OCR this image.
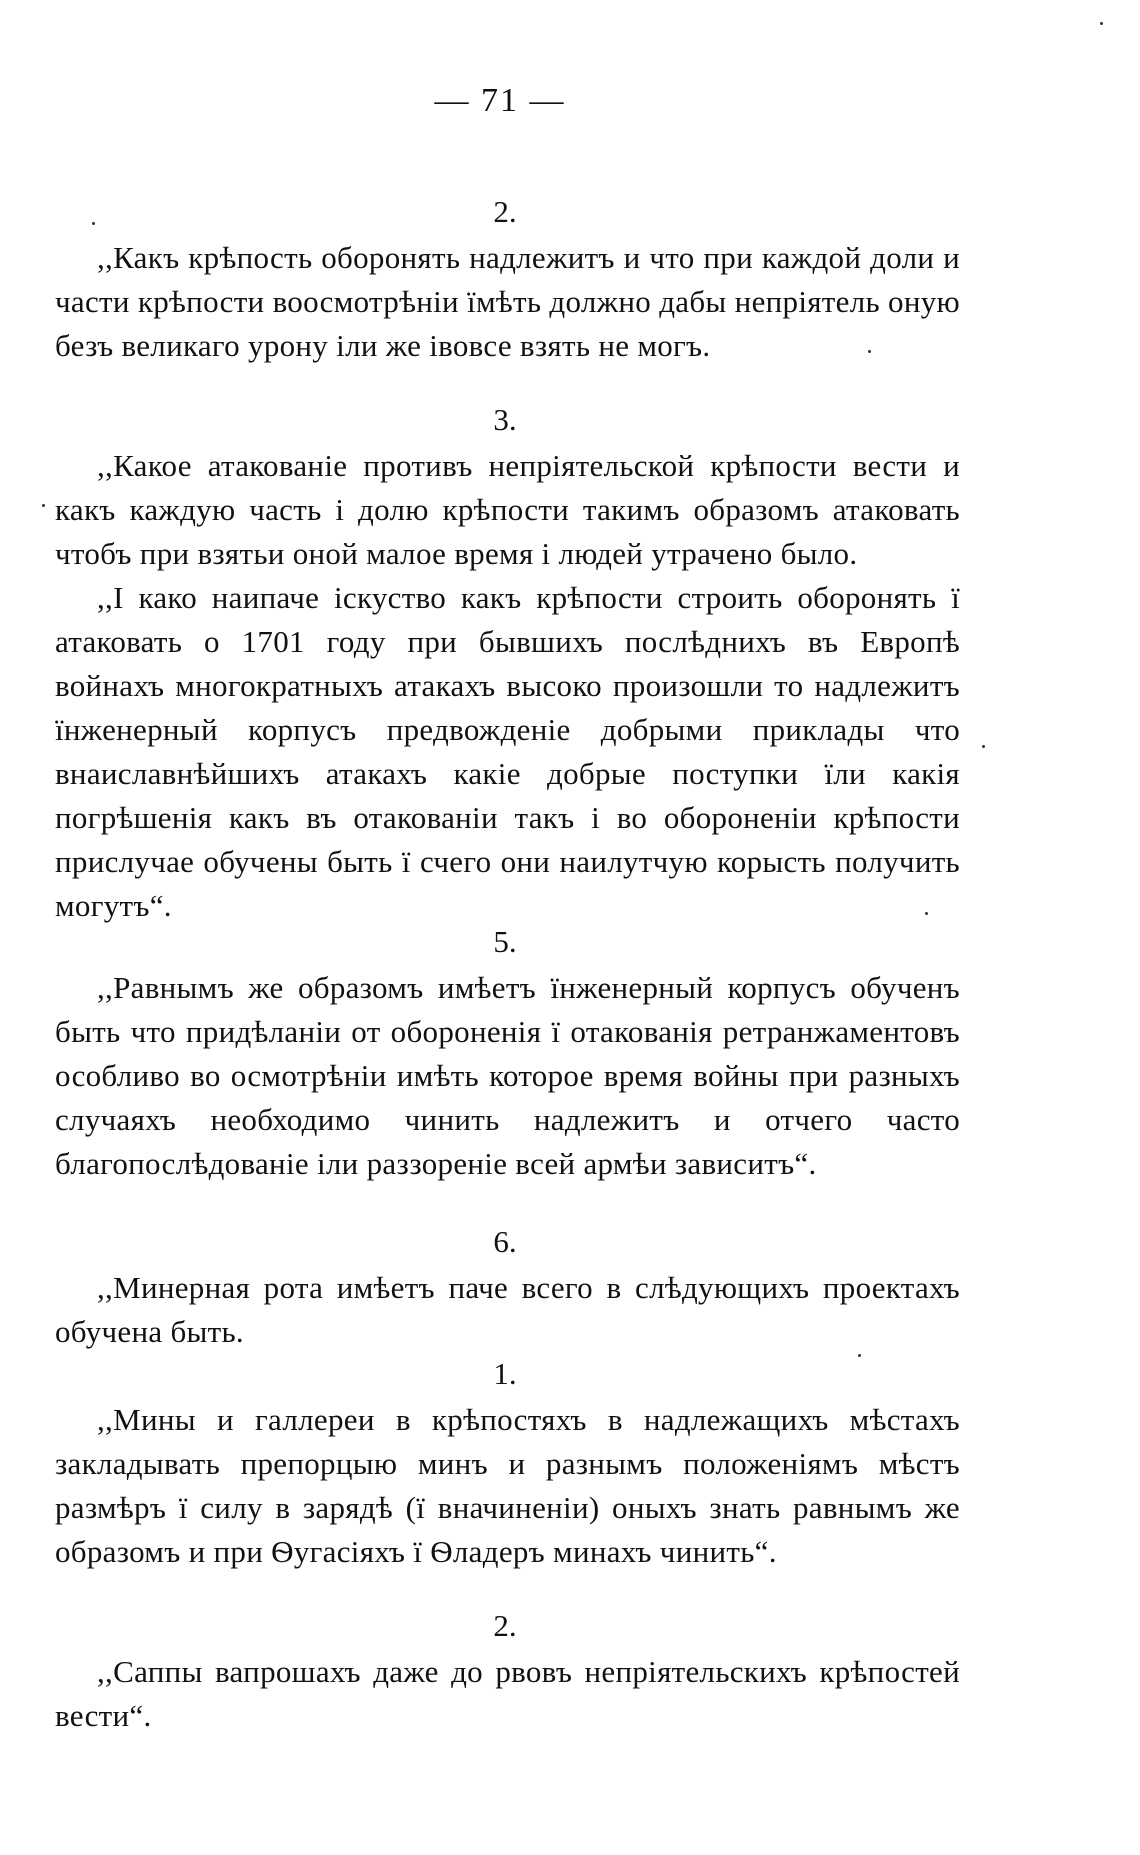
— 71 —
2.
,,Какъ крѣпость оборонять надлежитъ и что при каждой доли и части крѣпости воосмотрѣніи їмѣть должно дабы непріятель оную безъ великаго урону іли же івовсе взять не могъ.
3.
,,Какое атакованіе противъ непріятельской крѣпости вести и какъ каждую часть і долю крѣпости такимъ образомъ атаковать чтобъ при взятьи оной малое время і людей утрачено было.
,,I како наипаче іскуство какъ крѣпости строить оборонять ї атаковать о 1701 году при бывшихъ послѣднихъ въ Европѣ войнахъ многократныхъ атакахъ высоко произошли то надлежитъ їнженерный корпусъ предвожденіе добрыми приклады что внаиславнѣйшихъ атакахъ какіе добрые поступки їли какія погрѣшенія какъ въ отакованіи такъ і во обороненіи крѣпости прислучае обучены быть ї счего они наилутчую корысть получить могутъ“.
5.
,,Равнымъ же образомъ имѣетъ їнженерный корпусъ обученъ быть что придѣланіи от обороненія ї отакованія ретранжаментовъ особливо во осмотрѣніи имѣть которое время войны при разныхъ случаяхъ необходимо чинить надлежитъ и отчего часто благопослѣдованіе іли раззореніе всей армѣи зависитъ“.
6.
,,Минерная рота имѣетъ паче всего в слѣдующихъ проектахъ обучена быть.
1.
,,Мины и галлереи в крѣпостяхъ в надлежащихъ мѣстахъ закладывать препорцыю минъ и разнымъ положеніямъ мѣстъ размѣръ ї силу в зарядѣ (ї вначиненіи) оныхъ знать равнымъ же образомъ и при Ѳугасіяхъ ї Ѳладеръ минахъ чинить“.
2.
,,Саппы вапрошахъ даже до рвовъ непріятельскихъ крѣпостей вести“.
